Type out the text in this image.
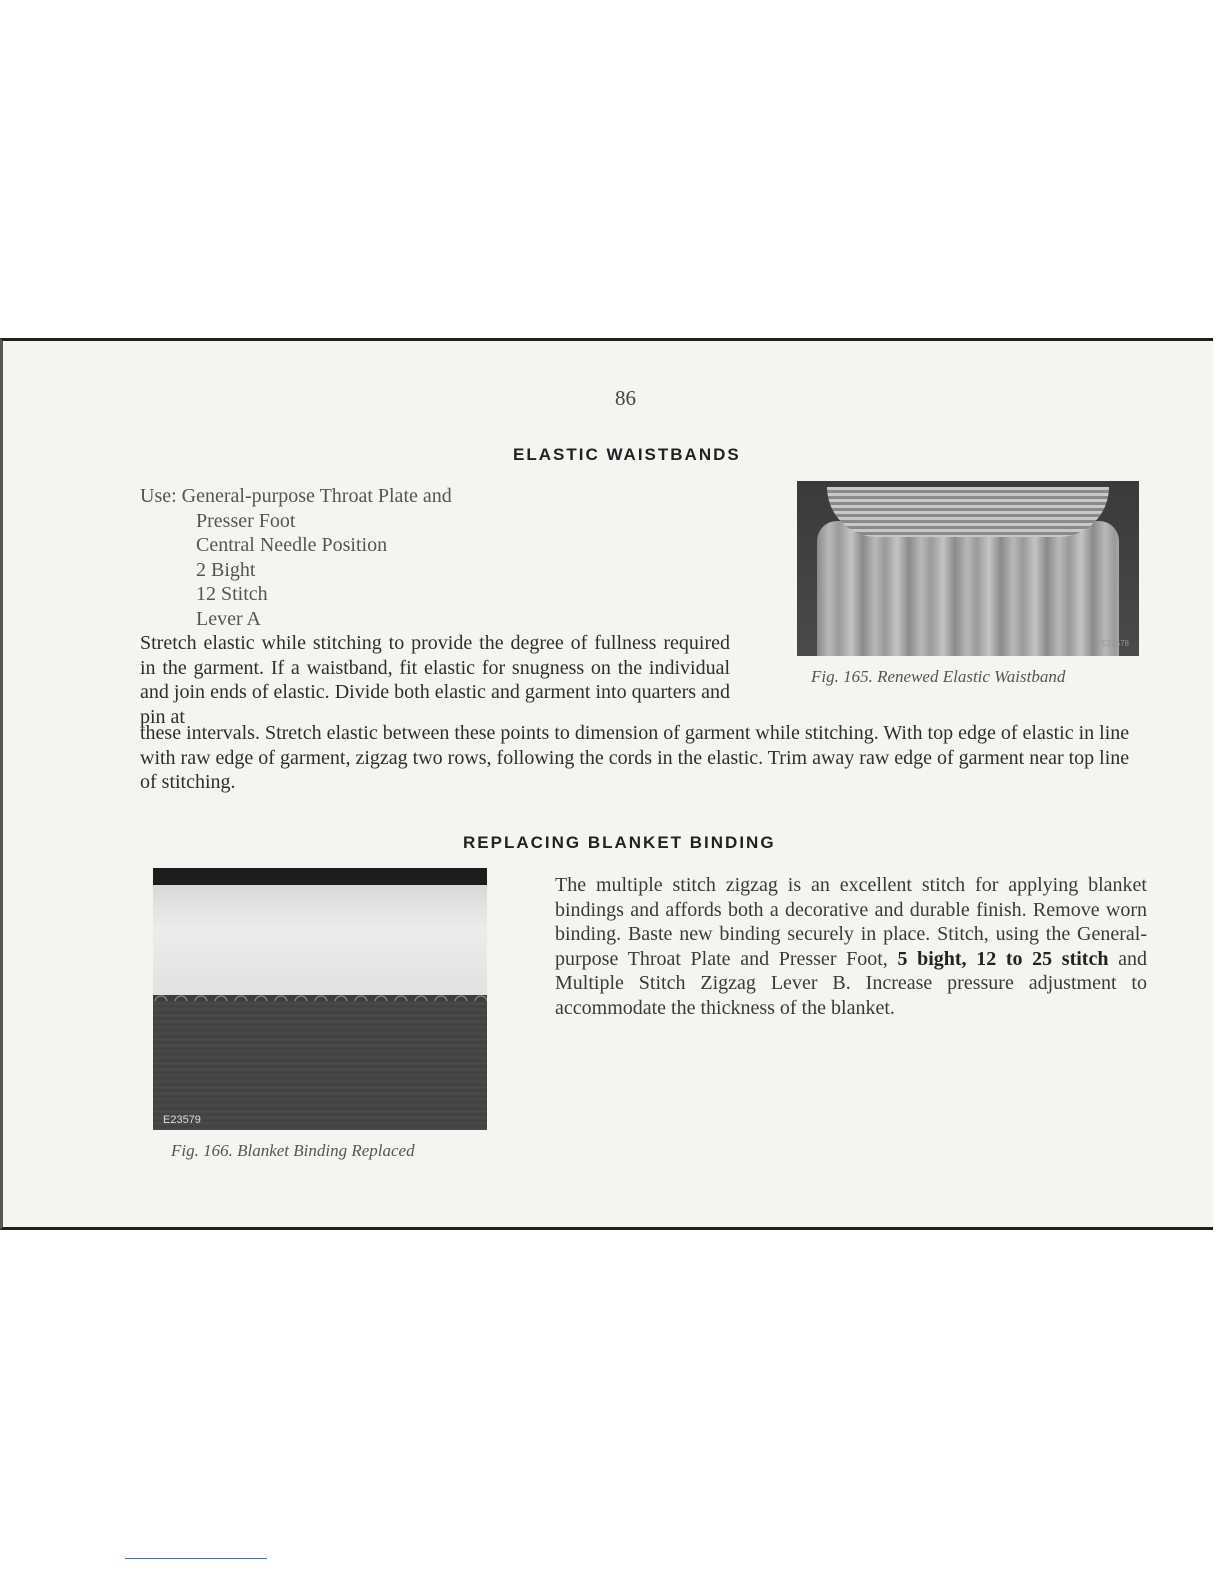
86
ELASTIC WAISTBANDS
Use: General-purpose Throat Plate and
Presser Foot
Central Needle Position
2 Bight
12 Stitch
Lever A
Stretch elastic while stitching to provide the degree of fullness required in the garment. If a waistband, fit elastic for snugness on the individual and join ends of elastic. Divide both elastic and garment into quarters and pin at
these intervals. Stretch elastic between these points to dimension of garment while stitching. With top edge of elastic in line with raw edge of garment, zigzag two rows, following the cords in the elastic. Trim away raw edge of garment near top line of stitching.
E23578
Fig. 165. Renewed Elastic Waistband
REPLACING BLANKET BINDING
E23579
Fig. 166. Blanket Binding Replaced
The multiple stitch zigzag is an excellent stitch for applying blanket bindings and affords both a decorative and durable finish. Remove worn binding. Baste new binding securely in place. Stitch, using the General-purpose Throat Plate and Presser Foot, 5 bight, 12 to 25 stitch and Multiple Stitch Zigzag Lever B. Increase pressure adjustment to accommodate the thickness of the blanket.
